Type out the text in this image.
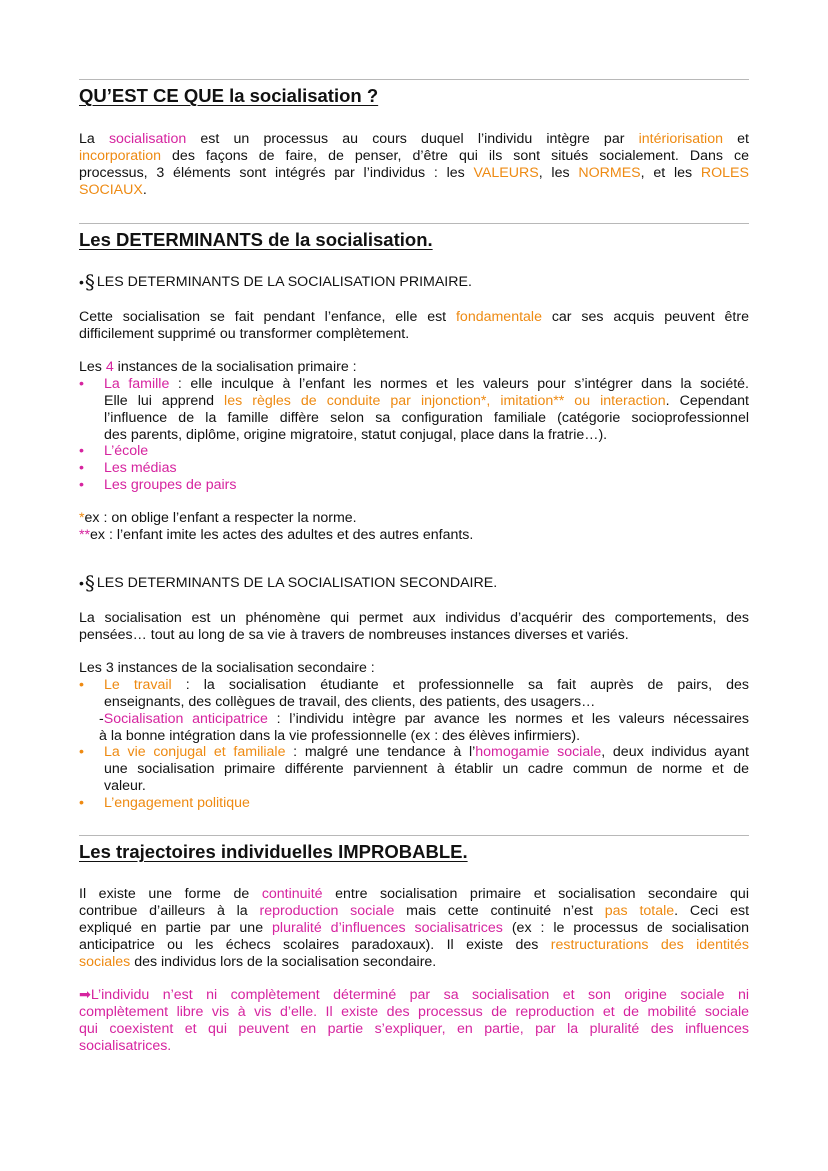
QU’EST CE QUE la socialisation ?
La socialisation est un processus au cours duquel l’individu intègre par intériorisation et
incorporation des façons de faire, de penser, d’être qui ils sont situés socialement. Dans ce
processus, 3 éléments sont intégrés par l’individus : les VALEURS, les NORMES, et les ROLES
SOCIAUX.
Les DETERMINANTS de la socialisation.
• § LES DETERMINANTS DE LA SOCIALISATION PRIMAIRE.
Cette socialisation se fait pendant l’enfance, elle est fondamentale car ses acquis peuvent être
difficilement supprimé ou transformer complètement.
Les 4 instances de la socialisation primaire :
•	La famille : elle inculque à l’enfant les normes et les valeurs pour s’intégrer dans la société.
Elle lui apprend les règles de conduite par injonction*, imitation** ou interaction. Cependant
l’influence de la famille diffère selon sa configuration familiale (catégorie socioprofessionnel
des parents, diplôme, origine migratoire, statut conjugal, place dans la fratrie…).
•	L’école
•	Les médias
•	Les groupes de pairs
*ex : on oblige l’enfant a respecter la norme.
**ex : l’enfant imite les actes des adultes et des autres enfants.
• § LES DETERMINANTS DE LA SOCIALISATION SECONDAIRE.
La socialisation est un phénomène qui permet aux individus d’acquérir des comportements, des
pensées… tout au long de sa vie à travers de nombreuses instances diverses et variés.
Les 3 instances de la socialisation secondaire :
•	Le travail : la socialisation étudiante et professionnelle sa fait auprès de pairs, des
enseignants, des collègues de travail, des clients, des patients, des usagers…
-Socialisation anticipatrice : l’individu intègre par avance les normes et les valeurs nécessaires
à la bonne intégration dans la vie professionnelle (ex : des élèves infirmiers).
•	La vie conjugal et familiale : malgré une tendance à l’homogamie sociale, deux individus ayant
une socialisation primaire différente parviennent à établir un cadre commun de norme et de
valeur.
•	L’engagement politique
Les trajectoires individuelles IMPROBABLE.
Il existe une forme de continuité entre socialisation primaire et socialisation secondaire qui
contribue d’ailleurs à la reproduction sociale mais cette continuité n’est pas totale. Ceci est
expliqué en partie par une pluralité d’influences socialisatrices (ex : le processus de socialisation
anticipatrice ou les échecs scolaires paradoxaux). Il existe des restructurations des identités
sociales des individus lors de la socialisation secondaire.
➡L’individu n’est ni complètement déterminé par sa socialisation et son origine sociale ni
complètement libre vis à vis d’elle. Il existe des processus de reproduction et de mobilité sociale
qui coexistent et qui peuvent en partie s’expliquer, en partie, par la pluralité des influences
socialisatrices.
